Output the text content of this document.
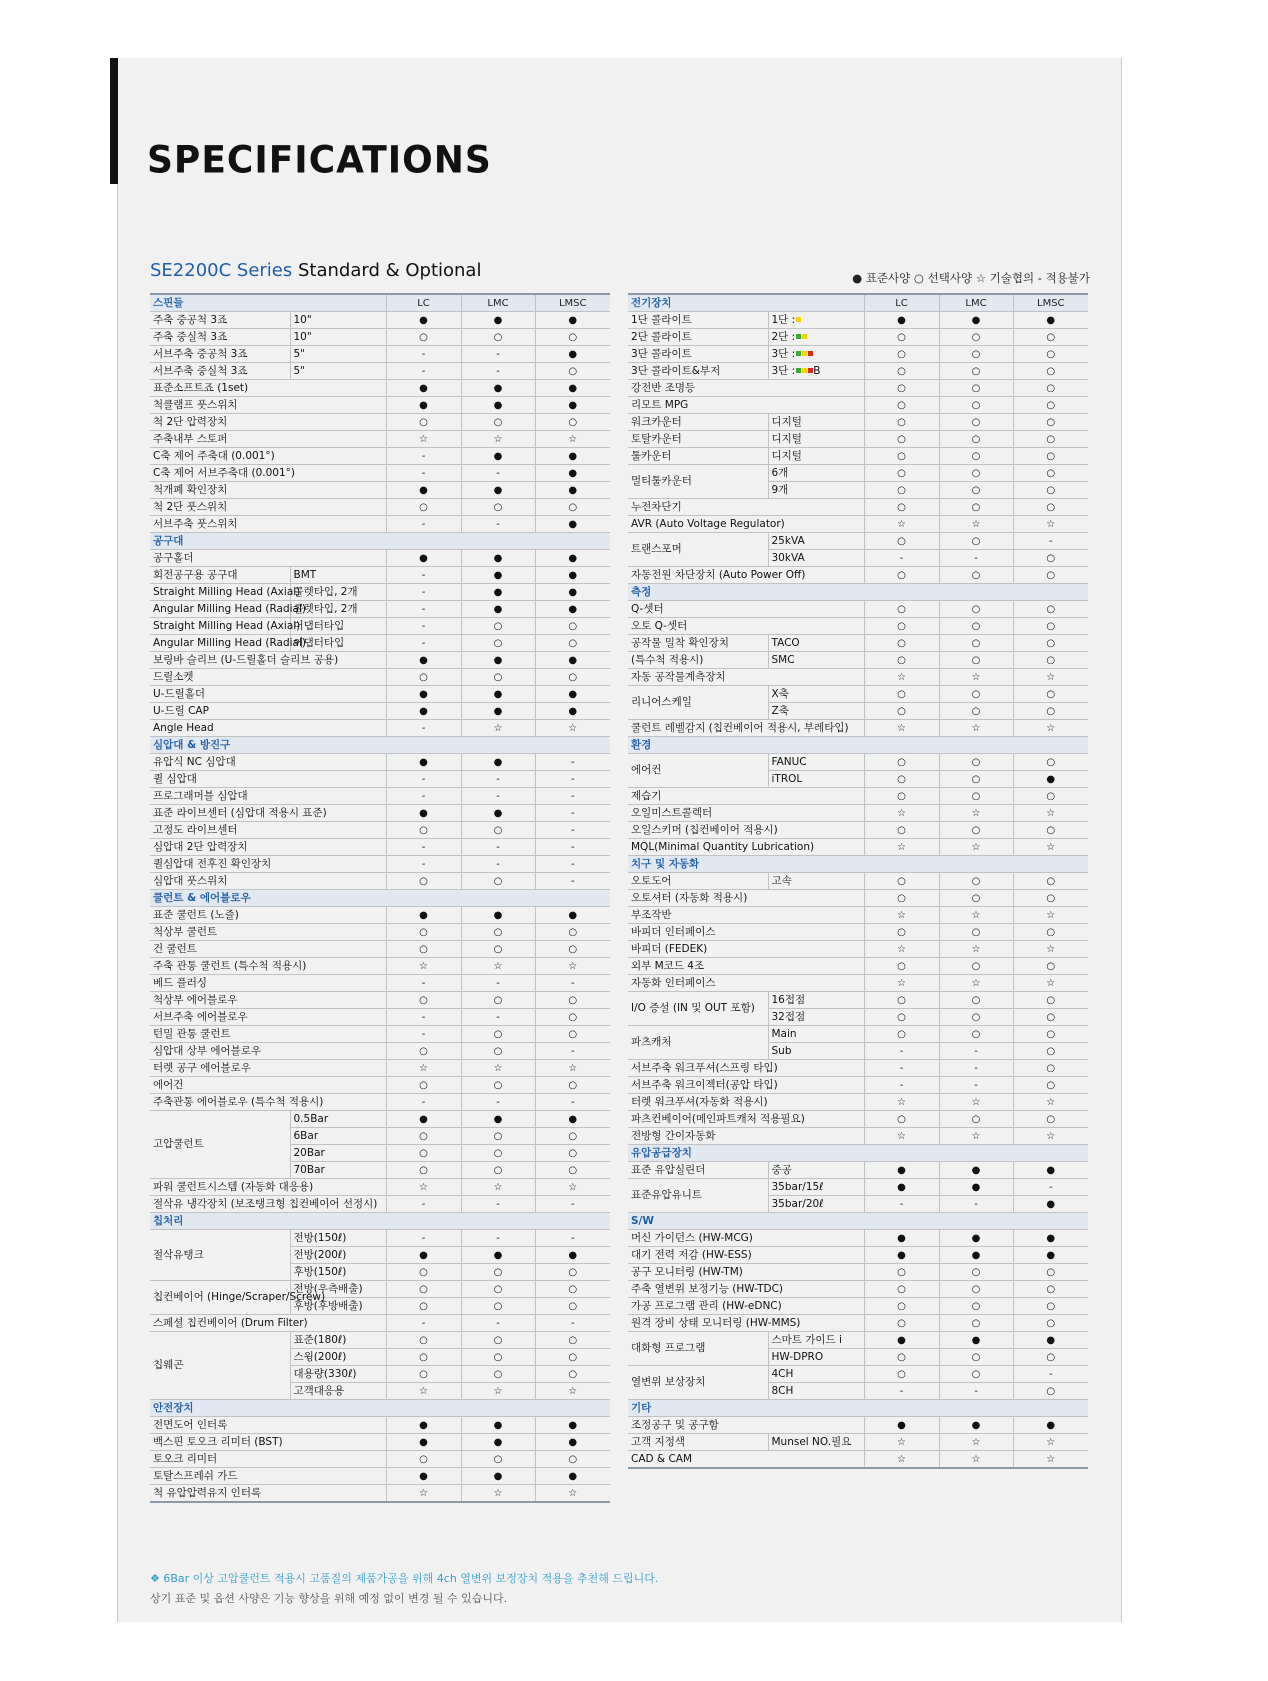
SPECIFICATIONS
SE2200C Series Standard & Optional	● 표준사양 ○ 선택사양 ☆ 기술협의 - 적용불가
스핀들		LC	LMC	LMSC
주축 중공척 3죠	10"	●	●	●
주축 중실척 3죠	10"	○	○	○
서브주축 중공척 3죠	5"	-	-	●
서브주축 중실척 3죠	5"	-	-	○
표준소프트죠 (1set)		●	●	●
척클램프 풋스위치		●	●	●
척 2단 압력장치		○	○	○
주축내부 스토퍼		☆	☆	☆
C축 제어 주축대 (0.001°)		-	●	●
C축 제어 서브주축대 (0.001°)		-	-	●
척개폐 확인장치		●	●	●
척 2단 풋스위치		○	○	○
서브주축 풋스위치		-	-	●
공구대				
공구홀더		●	●	●
회전공구용 공구대	BMT	-	●	●
Straight Milling Head (Axial)	콜렛타입, 2개	-	●	●
Angular Milling Head (Radial)	콜렛타입, 2개	-	●	●
Straight Milling Head (Axial)	어댑터타입	-	○	○
Angular Milling Head (Radial)	어댑터타입	-	○	○
보링바 슬리브 (U-드릴홀더 슬리브 공용)		●	●	●
드릴소켓		○	○	○
U-드릴홀더		●	●	●
U-드릴 CAP		●	●	●
Angle Head		-	☆	☆
심압대 & 방진구				
유압식 NC 심압대		●	●	-
퀼 심압대		-	-	-
프로그래머블 심압대		-	-	-
표준 라이브센터 (심압대 적용시 표준)		●	●	-
고정도 라이브센터		○	○	-
심압대 2단 압력장치		-	-	-
퀼심압대 전후진 확인장치		-	-	-
심압대 풋스위치		○	○	-
쿨런트 & 에어블로우				
표준 쿨런트 (노즐)		●	●	●
척상부 쿨런트		○	○	○
건 쿨런트		○	○	○
주축 관통 쿨런트 (특수척 적용시)		☆	☆	☆
베드 플러싱		-	-	-
척상부 에어블로우		○	○	○
서브주축 에어블로우		-	-	○
턴밀 관통 쿨런트		-	○	○
심압대 상부 에어블로우		○	○	-
터렛 공구 에어블로우		☆	☆	☆
에어건		○	○	○
주축관통 에어블로우 (특수척 적용시)		-	-	-
고압쿨런트	0.5Bar	●	●	●
	6Bar	○	○	○
	20Bar	○	○	○
	70Bar	○	○	○
파워 쿨런트시스템 (자동화 대응용)		☆	☆	☆
절삭유 냉각장치 (보조탱크형 칩컨베이어 선정시)		-	-	-
칩처리				
절삭유탱크	전방(150ℓ)	-	-	-
	전방(200ℓ)	●	●	●
	후방(150ℓ)	○	○	○
칩컨베이어 (Hinge/Scraper/Screw)	전방(우측배출)	○	○	○
	후방(후방배출)	○	○	○
스페셜 칩컨베이어 (Drum Filter)		-	-	-
칩웨곤	표준(180ℓ)	○	○	○
	스윙(200ℓ)	○	○	○
	대용량(330ℓ)	○	○	○
	고객대응용	☆	☆	☆
안전장치				
전면도어 인터록		●	●	●
백스핀 토오크 리미터 (BST)		●	●	●
토오크 리미터		○	○	○
토탈스프레쉬 가드		●	●	●
척 유압압력유지 인터록		☆	☆	☆
전기장치		LC	LMC	LMSC
1단 콜라이트	1단 :	●	●	●
2단 콜라이트	2단 :	○	○	○
3단 콜라이트	3단 :	○	○	○
3단 콜라이트&부저	3단 : B	○	○	○
강전반 조명등		○	○	○
리모트 MPG		○	○	○
워크카운터	디지털	○	○	○
토탈카운터	디지털	○	○	○
툴카운터	디지털	○	○	○
멀티툴카운터	6개	○	○	○
	9개	○	○	○
누전차단기		○	○	○
AVR (Auto Voltage Regulator)		☆	☆	☆
트랜스포머	25kVA	○	○	-
	30kVA	-	-	○
자동전원 차단장치 (Auto Power Off)		○	○	○
측정				
Q-셋터		○	○	○
오토 Q-셋터		○	○	○
공작물 밀착 확인장치	TACO	○	○	○
(특수척 적용시)	SMC	○	○	○
자동 공작물계측장치		☆	☆	☆
리니어스케일	X축	○	○	○
	Z축	○	○	○
쿨런트 레벨감지 (칩컨베이어 적용시, 부레타입)		☆	☆	☆
환경				
에어컨	FANUC	○	○	○
	iTROL	○	○	●
제습기		○	○	○
오일미스트콜렉터		☆	☆	☆
오일스키머 (칩컨베이어 적용시)		○	○	○
MQL(Minimal Quantity Lubrication)		☆	☆	☆
치구 및 자동화				
오토도어	고속	○	○	○
오토셔터 (자동화 적용시)		○	○	○
부조작반		☆	☆	☆
바피더 인터페이스		○	○	○
바피더 (FEDEK)		☆	☆	☆
외부 M코드 4조		○	○	○
자동화 인터페이스		☆	☆	☆
I/O 증설 (IN 및 OUT 포함)	16접점	○	○	○
	32접점	○	○	○
파츠캐처	Main	○	○	○
	Sub	-	-	○
서브주축 워크푸셔(스프링 타입)		-	-	○
서브주축 워크이젝터(공압 타입)		-	-	○
터렛 워크푸셔(자동화 적용시)		☆	☆	☆
파츠컨베이어(메인파트캐처 적용필요)		○	○	○
전방형 간이자동화		☆	☆	☆
유압공급장치				
표준 유압실린더	중공	●	●	●
표준유압유니트	35bar/15ℓ	●	●	-
	35bar/20ℓ	-	-	●
S/W				
머신 가이던스 (HW-MCG)		●	●	●
대기 전력 저감 (HW-ESS)		●	●	●
공구 모니터링 (HW-TM)		○	○	○
주축 열변위 보정기능 (HW-TDC)		○	○	○
가공 프로그램 관리 (HW-eDNC)		○	○	○
원격 장비 상태 모니터링 (HW-MMS)		○	○	○
대화형 프로그램	스마트 가이드 i	●	●	●
	HW-DPRO	○	○	○
열변위 보상장치	4CH	○	○	-
	8CH	-	-	○
기타				
조정공구 및 공구함		●	●	●
고객 지정색	Munsel NO.필요	☆	☆	☆
CAD & CAM		☆	☆	☆
❖ 6Bar 이상 고압쿨런트 적용시 고품질의 제품가공을 위해 4ch 열변위 보정장치 적용을 추천해 드립니다.
상기 표준 및 옵션 사양은 기능 향상을 위해 예정 없이 변경 될 수 있습니다.
